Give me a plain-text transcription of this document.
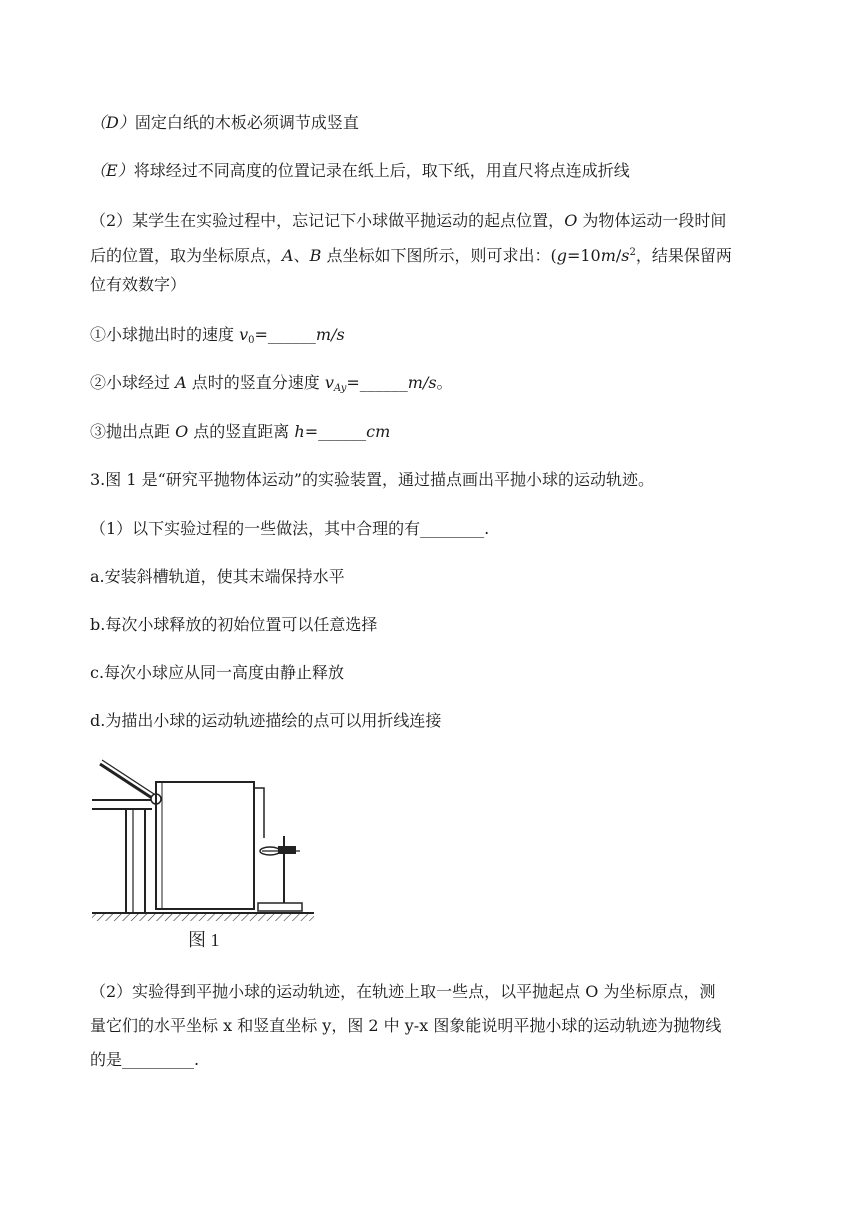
（D）固定白纸的木板必须调节成竖直
（E）将球经过不同高度的位置记录在纸上后，取下纸，用直尺将点连成折线
（2）某学生在实验过程中，忘记记下小球做平抛运动的起点位置，O 为物体运动一段时间
后的位置，取为坐标原点，A、B 点坐标如下图所示，则可求出：($g=10m/s^2$，结果保留两
位有效数字）
①小球抛出时的速度 $v_0=\_\_\_\_\_\_m/s$
②小球经过 A 点时的竖直分速度 $v_{Ay}=\_\_\_\_\_\_m/s$。
③抛出点距 O 点的竖直距离 h=______cm
3.图 1 是“研究平抛物体运动”的实验装置，通过描点画出平抛小球的运动轨迹。
（1）以下实验过程的一些做法，其中合理的有________.
a.安装斜槽轨道，使其末端保持水平
b.每次小球释放的初始位置可以任意选择
c.每次小球应从同一高度由静止释放
d.为描出小球的运动轨迹描绘的点可以用折线连接
图 1
（2）实验得到平抛小球的运动轨迹，在轨迹上取一些点，以平抛起点 O 为坐标原点，测
量它们的水平坐标 x 和竖直坐标 y，图 2 中 y-x 图象能说明平抛小球的运动轨迹为抛物线
的是_________.
